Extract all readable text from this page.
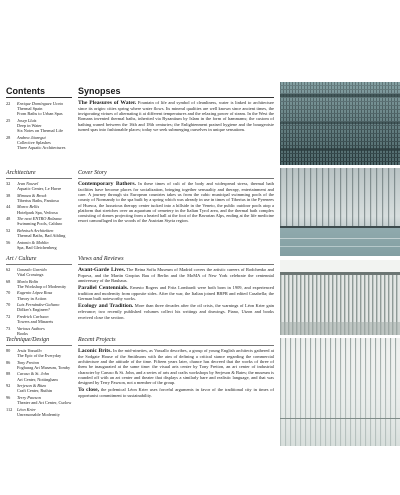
Contents	Synopses
22	Enrique Domínguez Uceta
Thermal Spain
From Baths to Urban Spas
25	Josep Lluís
Deep in Water
Six Notes on Thermal Life
28	Andrea Jáuregui
Collective Splashes
Three Aquatic Architectures
Architecture
32	Jean Nouvel
Aquatic Center, Le Havre
38	Mimoza & Brock
Tiberius Baths, Pantiosa
44	Marco Bellis
Hotelpark Spa, Vedrosa
48	The next ENTRO Bolzana
Swimming Pools, Caldaro
52	Behnisch Architekten
Thermal Baths, Bad Aibling
56	Antonio & Mahlin
Spa, Bad Gleichenberg
Art / Culture
62	Gonzalo Garrido
Vital Crossings
68	María Bolín
The Workshop of Modernity
70	Eugenio López Rosa
Theory in Action
70	Luis Fernández-Galiano
Dölker's Engineer?
72	Fredrick Carlsson
Towers and Minarets
73	Various Authors
Books
Technique/Design
80	Jesús Vassallo
The Epic of the Everyday
86	Tony Fretton
Fogharag Art Museum, Tomby
88	Caruso & St. John
Art Center, Nottingham
92	Serjeson & Bitzo
Craft Center, Ruthin
96	Terry Pawson
Theater and Art Center, Curlow
112	Léon Krier
Unreasonable Modernity

The Pleasures of Water. Fountain of life and symbol of cleanliness, water is linked to architecture since its origin: cities spring where water flows. Its mineral qualities are well known since ancient times, the invigorating virtues of alternating it at different temperatures and the relaxing power of steam. In the West the Romans invented thermal baths, inherited via Byzantium by Islam in the form of hammams; the custom of bathing waned between the 16th and 18th centuries; the Enlightenment praised hygiene and the bourgeoisie turned spas into fashionable places; today we seek submerging ourselves in unique sensations.

Cover Story

Contemporary Bathers. In these times of cult of the body and widespread stress, thermal bath facilities have become places for socialization, bringing together sensuality and therapy, entertainment and care. A journey through six European countries takes us from the cubic municipal swimming pools of the county of Normandy to the spa built by a spring which was already in use in times of Tiberius in the Pyrenees of Huesca, the luxurious therapy center tucked into a hillside in the Veneto, the public outdoor pools atop a platform that stretches over an aquarium of cemetery in the Italian Tyrol area, and the thermal bath complex consisting of domes projecting from a heated hall at the foot of the Bavarian Alps, ending at the life medicine resort camouflaged in the woods of the Austrian Styria region.

Views and Reviews

Avant-Garde Lives. The Reina Sofía Museum of Madrid covers the artistic careers of Rodchenko and Popova, and the Martin Gropius Bau of Berlin and the MoMA of New York celebrate the centennial anniversary of the Bauhaus.

Parallel Centennials. Ernesto Rogers and Fritz Lombardi were both born in 1909, and experienced tradition and modernity from opposite sides. After the war, the Italian joined BBPR and edited Casabella; the German built noteworthy works.

Ecology and Tradition. More than three decades after the oil crisis, the warnings of Léon Krier gain relevance; two recently published volumes collect his writings and drawings. Piano, Utzon and books received close the section.

Recent Projects

Laconic Brits. In the mid-nineties, as Vassallo describes, a group of young English architects gathered at the Sodgate House of the Smithsons with the aim of defining a critical stance regarding the commercial architecture and the attitude of the time. Fifteen years later, chance has decreed that the works of three of them be inaugurated at the same time: the visual arts center by Tony Fretton, an art center of industrial character by Caruso & St. John, and a series of arts and crafts workshops by Serjeson & Bates; the museum is rounded off with an art center and theater that displays a similarly bare and realistic language, and that was designed by Terry Pawson, not a member of the group.

To close, the polemical Léon Krier uses forceful arguments in favor of the traditional city in times of opportunist commitment to sustainability.
